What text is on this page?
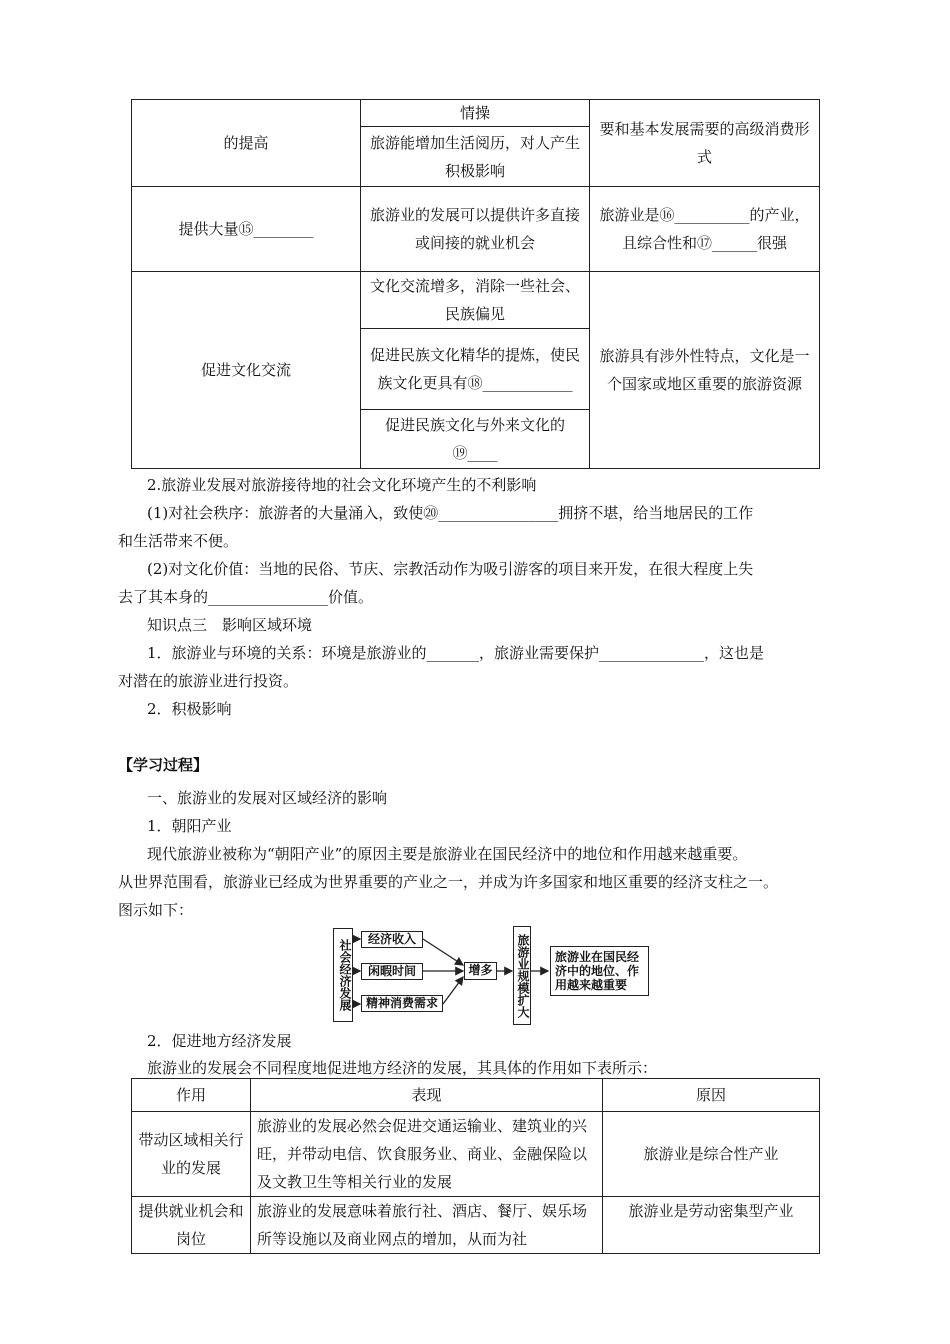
的提高	情操	要和基本发展需要的高级消费形式
	旅游能增加生活阅历，对人产生积极影响	
提供大量⑮________	旅游业的发展可以提供许多直接或间接的就业机会	旅游业是⑯__________的产业，且综合性和⑰______很强
促进文化交流	文化交流增多，消除一些社会、民族偏见	旅游具有涉外性特点，文化是一个国家或地区重要的旅游资源
	促进民族文化精华的提炼，使民族文化更具有⑱____________	
	促进民族文化与外来文化的⑲____	
2.旅游业发展对旅游接待地的社会文化环境产生的不利影响
(1)对社会秩序：旅游者的大量涌入，致使⑳________________拥挤不堪，给当地居民的工作
和生活带来不便。
(2)对文化价值：当地的民俗、节庆、宗教活动作为吸引游客的项目来开发，在很大程度上失
去了其本身的________________价值。
知识点三　影响区域环境
1．旅游业与环境的关系：环境是旅游业的_______，旅游业需要保护______________，这也是
对潜在的旅游业进行投资。
2．积极影响
【学习过程】
一、旅游业的发展对区域经济的影响
1．朝阳产业
现代旅游业被称为“朝阳产业”的原因主要是旅游业在国民经济中的地位和作用越来越重要。
从世界范围看，旅游业已经成为世界重要的产业之一，并成为许多国家和地区重要的经济支柱之一。
图示如下：
社会经济发展	经济收入
闲暇时间
精神消费需求
增多	旅游业规模扩大	旅游业在国民经济中的地位、作用越来越重要
2．促进地方经济发展
旅游业的发展会不同程度地促进地方经济的发展，其具体的作用如下表所示：
作用	表现	原因
带动区域相关行业的发展	旅游业的发展必然会促进交通运输业、建筑业的兴旺，并带动电信、饮食服务业、商业、金融保险以及文教卫生等相关行业的发展	旅游业是综合性产业
提供就业机会和岗位	旅游业的发展意味着旅行社、酒店、餐厅、娱乐场所等设施以及商业网点的增加，从而为社	旅游业是劳动密集型产业
